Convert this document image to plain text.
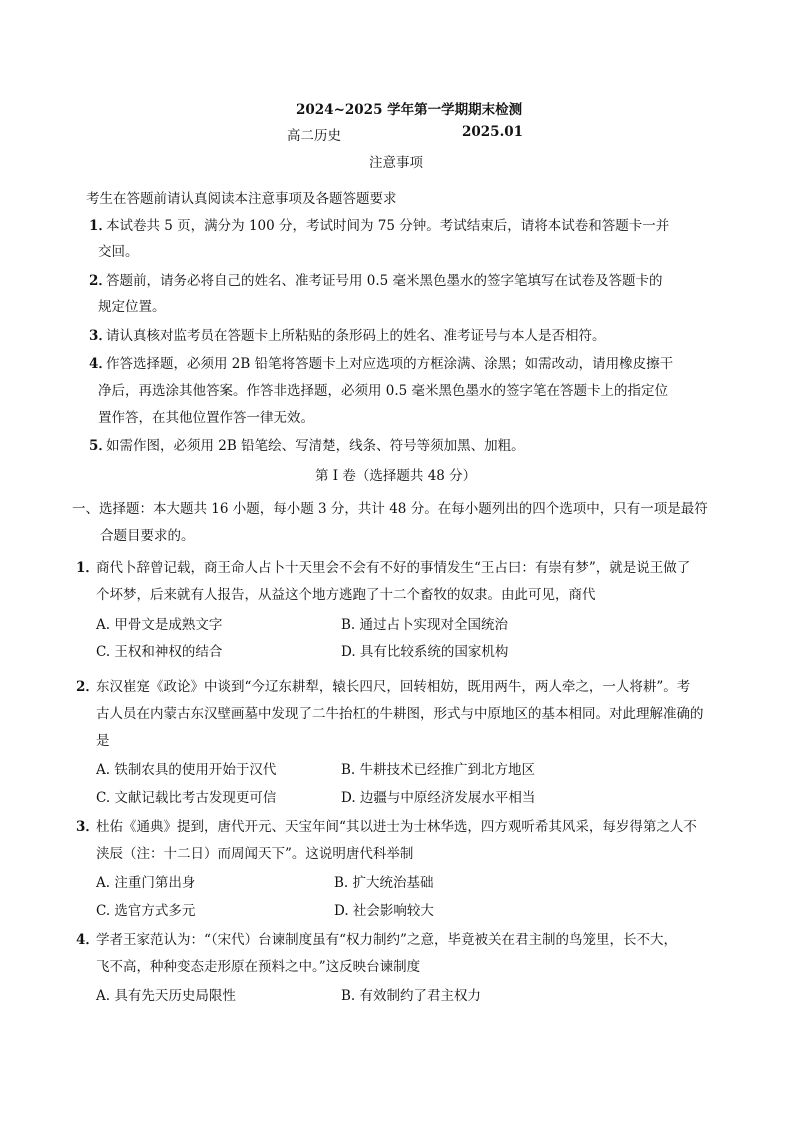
2024~2025 学年第一学期期末检测
高二历史	2025.01
注意事项
考生在答题前请认真阅读本注意事项及各题答题要求
1．
本试卷共 5 页，满分为 100 分，考试时间为 75 分钟。考试结束后，请将本试卷和答题卡一并
交回。
2．
答题前，请务必将自己的姓名、准考证号用 0.5 毫米黑色墨水的签字笔填写在试卷及答题卡的
规定位置。
3．
请认真核对监考员在答题卡上所粘贴的条形码上的姓名、准考证号与本人是否相符。
4．
作答选择题，必须用 2B 铅笔将答题卡上对应选项的方框涂满、涂黑；如需改动，请用橡皮擦干
净后，再选涂其他答案。作答非选择题，必须用 0.5 毫米黑色墨水的签字笔在答题卡上的指定位
置作答，在其他位置作答一律无效。
5．
如需作图，必须用 2B 铅笔绘、写清楚，线条、符号等须加黑、加粗。
第 I 卷（选择题共 48 分）
一、选择题：本大题共 16 小题，每小题 3 分，共计 48 分。在每小题列出的四个选项中，只有一项是最符
合题目要求的。
1．
商代卜辞曾记载，商王命人占卜十天里会不会有不好的事情发生“王占曰：有崇有梦”，就是说王做了
个坏梦，后来就有人报告，从益这个地方逃跑了十二个畜牧的奴隶。由此可见，商代
A. 甲骨文是成熟文字	B. 通过占卜实现对全国统治
C. 王权和神权的结合	D. 具有比较系统的国家机构
2．
东汉崔寔《政论》中谈到“今辽东耕犁，辕长四尺，回转相妨，既用两牛，两人牵之，一人将耕”。考
古人员在内蒙古东汉壁画墓中发现了二牛抬杠的牛耕图，形式与中原地区的基本相同。对此理解准确的
是
A. 铁制农具的使用开始于汉代	B. 牛耕技术已经推广到北方地区
C. 文献记载比考古发现更可信	D. 边疆与中原经济发展水平相当
3．
杜佑《通典》提到，唐代开元、天宝年间“其以进士为士林华选，四方观听希其风采，每岁得第之人不
浃辰（注：十二日）而周闻天下”。这说明唐代科举制
A. 注重门第出身	B. 扩大统治基础
C. 选官方式多元	D. 社会影响较大
4．
学者王家范认为：“（宋代）台谏制度虽有“权力制约”之意，毕竟被关在君主制的鸟笼里，长不大，
飞不高，种种变态走形原在预料之中。”这反映台谏制度
A. 具有先天历史局限性	B. 有效制约了君主权力
